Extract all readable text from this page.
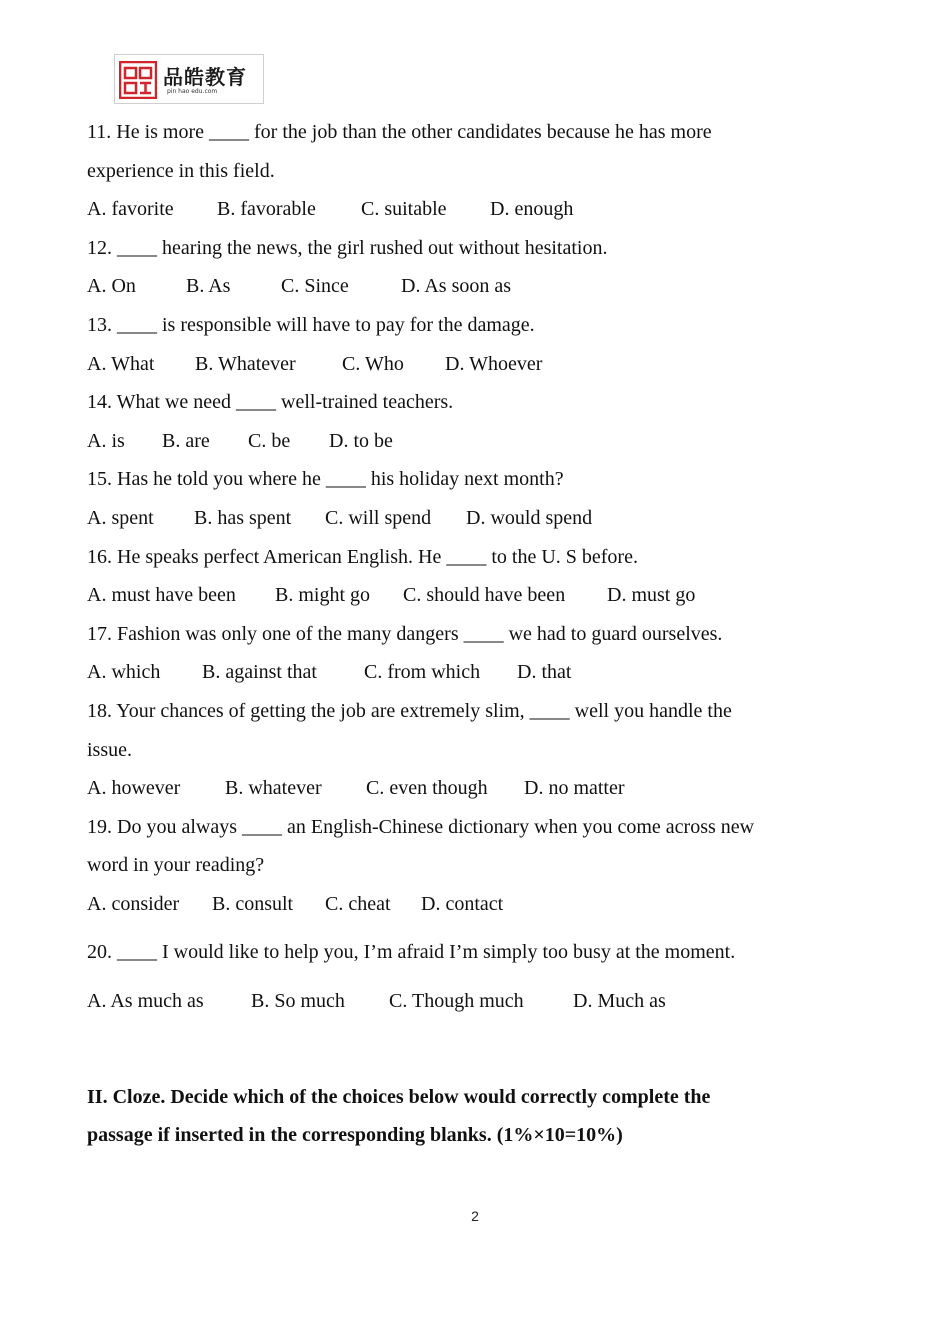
品皓教育
pin hao edu.com
11. He is more ____ for the job than the other candidates because he has more
experience in this field.
A. favorite	B. favorable	C. suitable	D. enough
12. ____ hearing the news, the girl rushed out without hesitation.
A. On	B. As	C. Since	D. As soon as
13. ____ is responsible will have to pay for the damage.
A. What	B. Whatever	C. Who	D. Whoever
14. What we need ____ well-trained teachers.
A. is	B. are	C. be	D. to be
15. Has he told you where he ____ his holiday next month?
A. spent	B. has spent	C. will spend	D. would spend
16. He speaks perfect American English. He ____ to the U. S before.
A. must have been	B. might go	C. should have been	D. must go
17. Fashion was only one of the many dangers ____ we had to guard ourselves.
A. which	B. against that	C. from which	D. that
18. Your chances of getting the job are extremely slim, ____ well you handle the
issue.
A. however	B. whatever	C. even though	D. no matter
19. Do you always ____ an English-Chinese dictionary when you come across new
word in your reading?
A. consider	B. consult	C. cheat	D. contact
20. ____ I would like to help you, I’m afraid I’m simply too busy at the moment.
A. As much as	B. So much	C. Though much	D. Much as
II. Cloze. Decide which of the choices below would correctly complete the
passage if inserted in the corresponding blanks. (1%×10=10%)
2
